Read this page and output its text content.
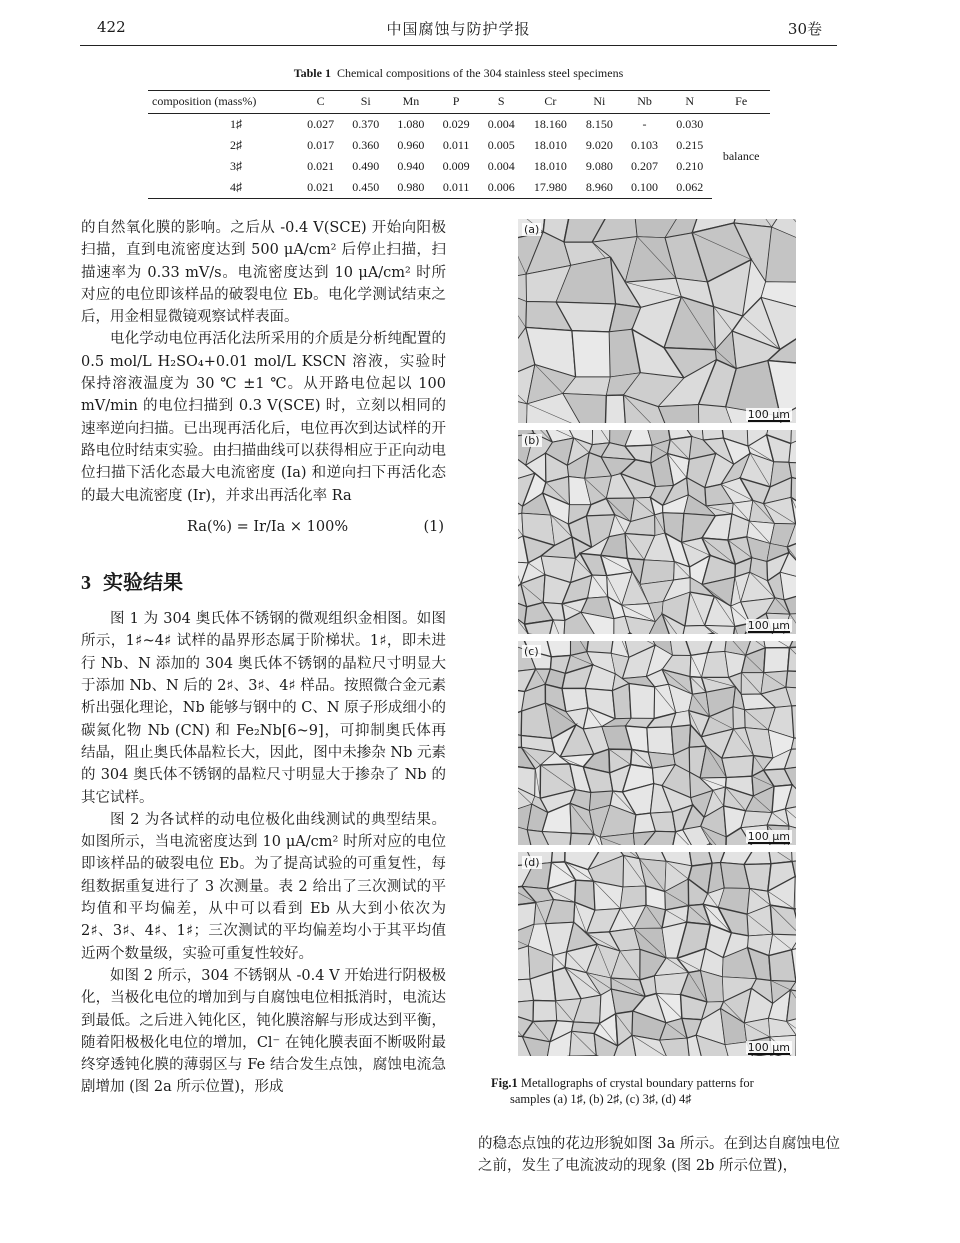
422	中国腐蚀与防护学报	30卷
Table 1 Chemical compositions of the 304 stainless steel specimens
composition (mass%)	C	Si	Mn	P	S	Cr	Ni	Nb	N	Fe
1♯	0.027	0.370	1.080	0.029	0.004	18.160	8.150	-	0.030	balance
2♯	0.017	0.360	0.960	0.011	0.005	18.010	9.020	0.103	0.215	
3♯	0.021	0.490	0.940	0.009	0.004	18.010	9.080	0.207	0.210	
4♯	0.021	0.450	0.980	0.011	0.006	17.980	8.960	0.100	0.062	

的自然氧化膜的影响。之后从 -0.4 V(SCE) 开始向阳极扫描，直到电流密度达到 500 μA/cm² 后停止扫描，扫描速率为 0.33 mV/s。电流密度达到 10 μA/cm² 时所对应的电位即该样品的破裂电位 Eb。电化学测试结束之后，用金相显微镜观察试样表面。

电化学动电位再活化法所采用的介质是分析纯配置的 0.5 mol/L H₂SO₄+0.01 mol/L KSCN 溶液，实验时保持溶液温度为 30 ℃ ±1 ℃。从开路电位起以 100 mV/min 的电位扫描到 0.3 V(SCE) 时，立刻以相同的速率逆向扫描。已出现再活化后，电位再次到达试样的开路电位时结束实验。由扫描曲线可以获得相应于正向动电位扫描下活化态最大电流密度 (Ia) 和逆向扫下再活化态的最大电流密度 (Ir)，并求出再活化率 Ra

Ra(%) = Ir/Ia × 100%	(1)
3 实验结果

图 1 为 304 奥氏体不锈钢的微观组织金相图。如图所示，1♯~4♯ 试样的晶界形态属于阶梯状。1♯，即未进行 Nb、N 添加的 304 奥氏体不锈钢的晶粒尺寸明显大于添加 Nb、N 后的 2♯、3♯、4♯ 样品。按照微合金元素析出强化理论，Nb 能够与钢中的 C、N 原子形成细小的碳氮化物 Nb (CN) 和 Fe₂Nb[6~9]，可抑制奥氏体再结晶，阻止奥氏体晶粒长大，因此，图中未掺杂 Nb 元素的 304 奥氏体不锈钢的晶粒尺寸明显大于掺杂了 Nb 的其它试样。

图 2 为各试样的动电位极化曲线测试的典型结果。如图所示，当电流密度达到 10 μA/cm² 时所对应的电位即该样品的破裂电位 Eb。为了提高试验的可重复性，每组数据重复进行了 3 次测量。表 2 给出了三次测试的平均值和平均偏差，从中可以看到 Eb 从大到小依次为 2♯、3♯、4♯、1♯；三次测试的平均偏差均小于其平均值近两个数量级，实验可重复性较好。

如图 2 所示，304 不锈钢从 -0.4 V 开始进行阴极极化，当极化电位的增加到与自腐蚀电位相抵消时，电流达到最低。之后进入钝化区，钝化膜溶解与形成达到平衡，随着阳极极化电位的增加，Cl⁻ 在钝化膜表面不断吸附最终穿透钝化膜的薄弱区与 Fe 结合发生点蚀，腐蚀电流急剧增加 (图 2a 所示位置)，形成

(a)
100 μm
(b)
100 μm
(c)
100 μm
(d)
100 μm
Fig.1 Metallographs of crystal boundary patterns for
samples (a) 1♯, (b) 2♯, (c) 3♯, (d) 4♯

的稳态点蚀的花边形貌如图 3a 所示。在到达自腐蚀电位之前，发生了电流波动的现象 (图 2b 所示位置)，
